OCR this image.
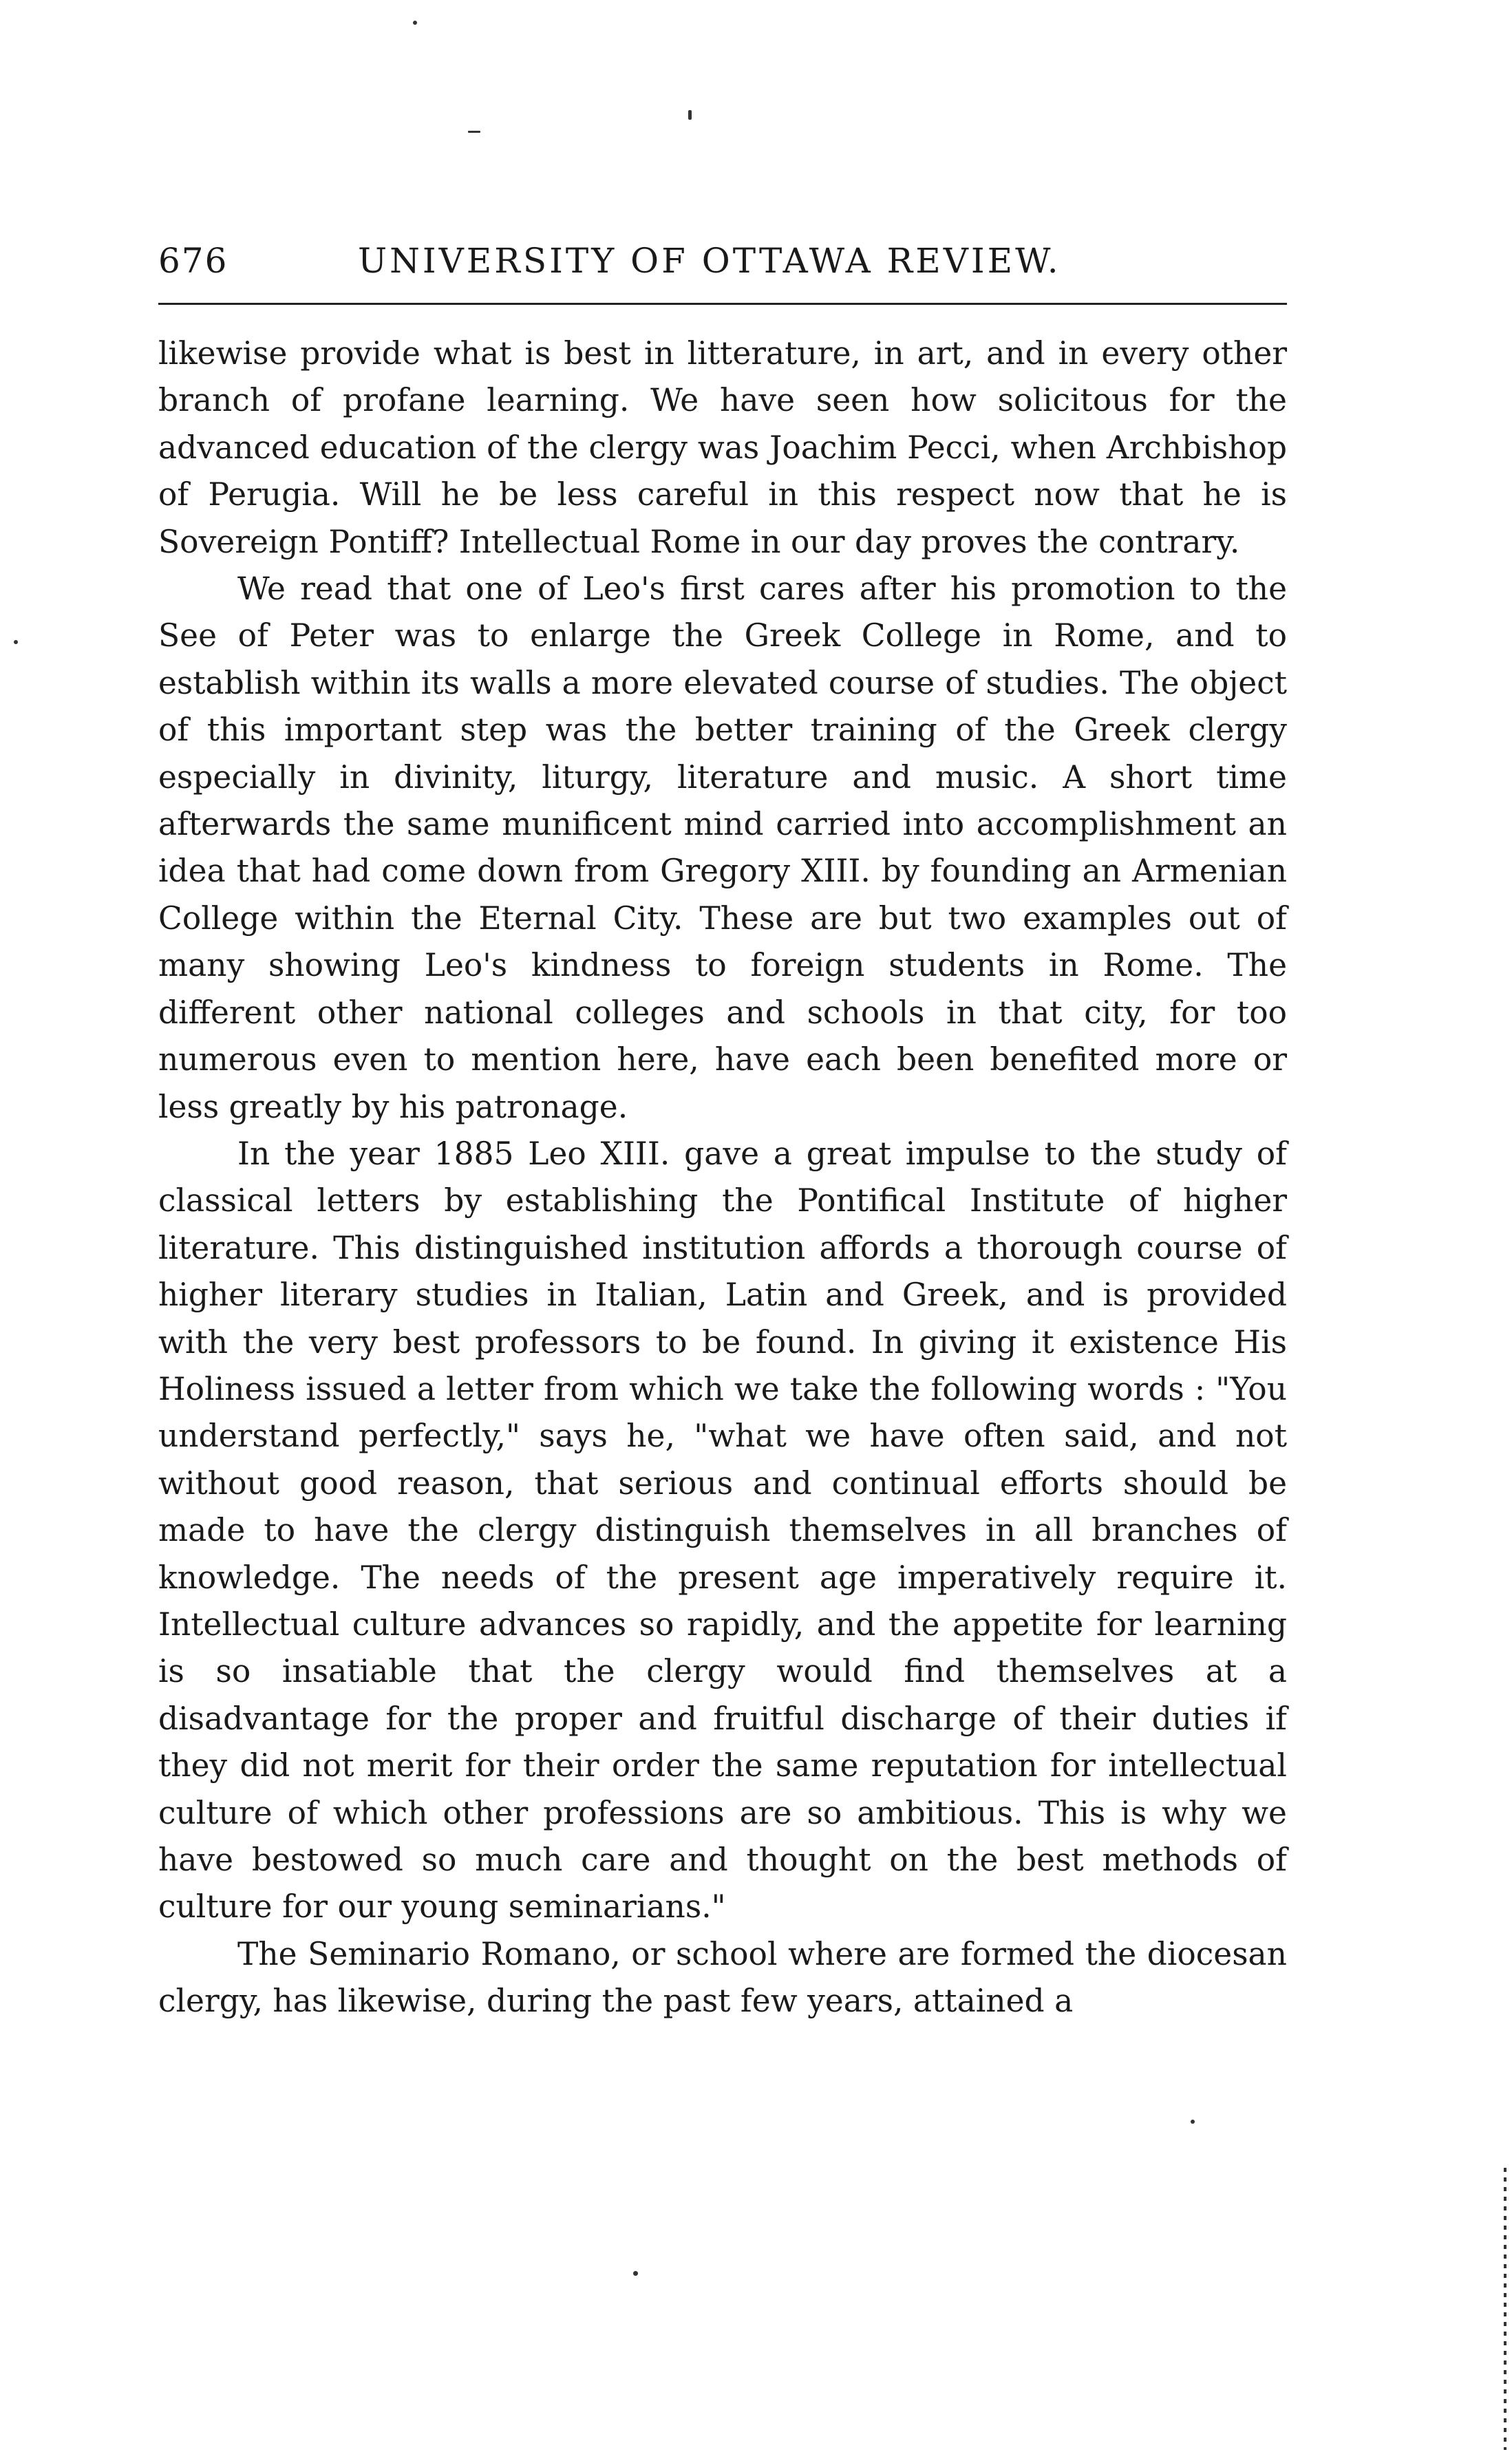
676	UNIVERSITY OF OTTAWA REVIEW.

likewise provide what is best in litterature, in art, and in every other branch of profane learning. We have seen how solicitous for the advanced education of the clergy was Joachim Pecci, when Archbishop of Perugia. Will he be less careful in this respect now that he is Sovereign Pontiff? Intellectual Rome in our day proves the contrary.

We read that one of Leo's first cares after his promotion to the See of Peter was to enlarge the Greek College in Rome, and to establish within its walls a more elevated course of studies. The object of this important step was the better training of the Greek clergy especially in divinity, liturgy, literature and music. A short time afterwards the same munificent mind carried into accomplishment an idea that had come down from Gregory XIII. by founding an Armenian College within the Eternal City. These are but two examples out of many showing Leo's kindness to foreign students in Rome. The different other national colleges and schools in that city, for too numerous even to mention here, have each been benefited more or less greatly by his patronage.

In the year 1885 Leo XIII. gave a great impulse to the study of classical letters by establishing the Pontifical Institute of higher literature. This distinguished institution affords a thorough course of higher literary studies in Italian, Latin and Greek, and is provided with the very best professors to be found. In giving it existence His Holiness issued a letter from which we take the following words : "You understand perfectly," says he, "what we have often said, and not without good reason, that serious and continual efforts should be made to have the clergy distinguish themselves in all branches of knowledge. The needs of the present age imperatively require it. Intellectual culture advances so rapidly, and the appetite for learning is so insatiable that the clergy would find themselves at a disadvantage for the proper and fruitful discharge of their duties if they did not merit for their order the same reputation for intellectual culture of which other professions are so ambitious. This is why we have bestowed so much care and thought on the best methods of culture for our young seminarians."

The Seminario Romano, or school where are formed the diocesan clergy, has likewise, during the past few years, attained a
